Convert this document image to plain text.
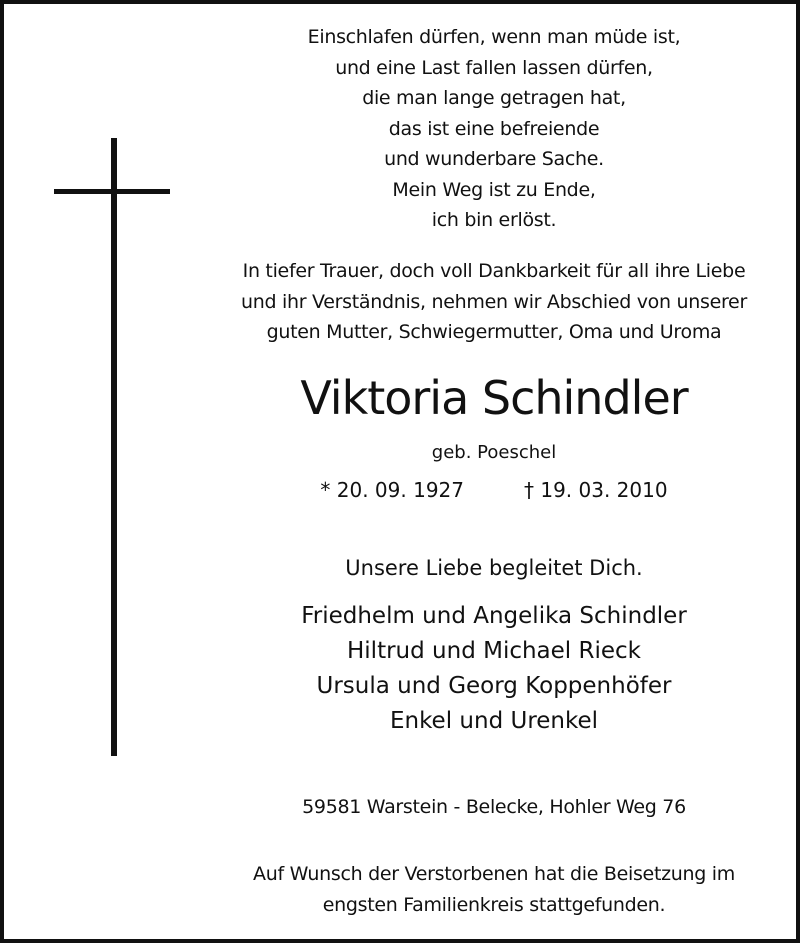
Einschlafen dürfen, wenn man müde ist,
und eine Last fallen lassen dürfen,
die man lange getragen hat,
das ist eine befreiende
und wunderbare Sache.
Mein Weg ist zu Ende,
ich bin erlöst.
In tiefer Trauer, doch voll Dankbarkeit für all ihre Liebe
und ihr Verständnis, nehmen wir Abschied von unserer
guten Mutter, Schwiegermutter, Oma und Uroma
Viktoria Schindler
geb. Poeschel
* 20. 09. 1927	† 19. 03. 2010
Unsere Liebe begleitet Dich.
Friedhelm und Angelika Schindler
Hiltrud und Michael Rieck
Ursula und Georg Koppenhöfer
Enkel und Urenkel
59581 Warstein - Belecke, Hohler Weg 76
Auf Wunsch der Verstorbenen hat die Beisetzung im
engsten Familienkreis stattgefunden.
